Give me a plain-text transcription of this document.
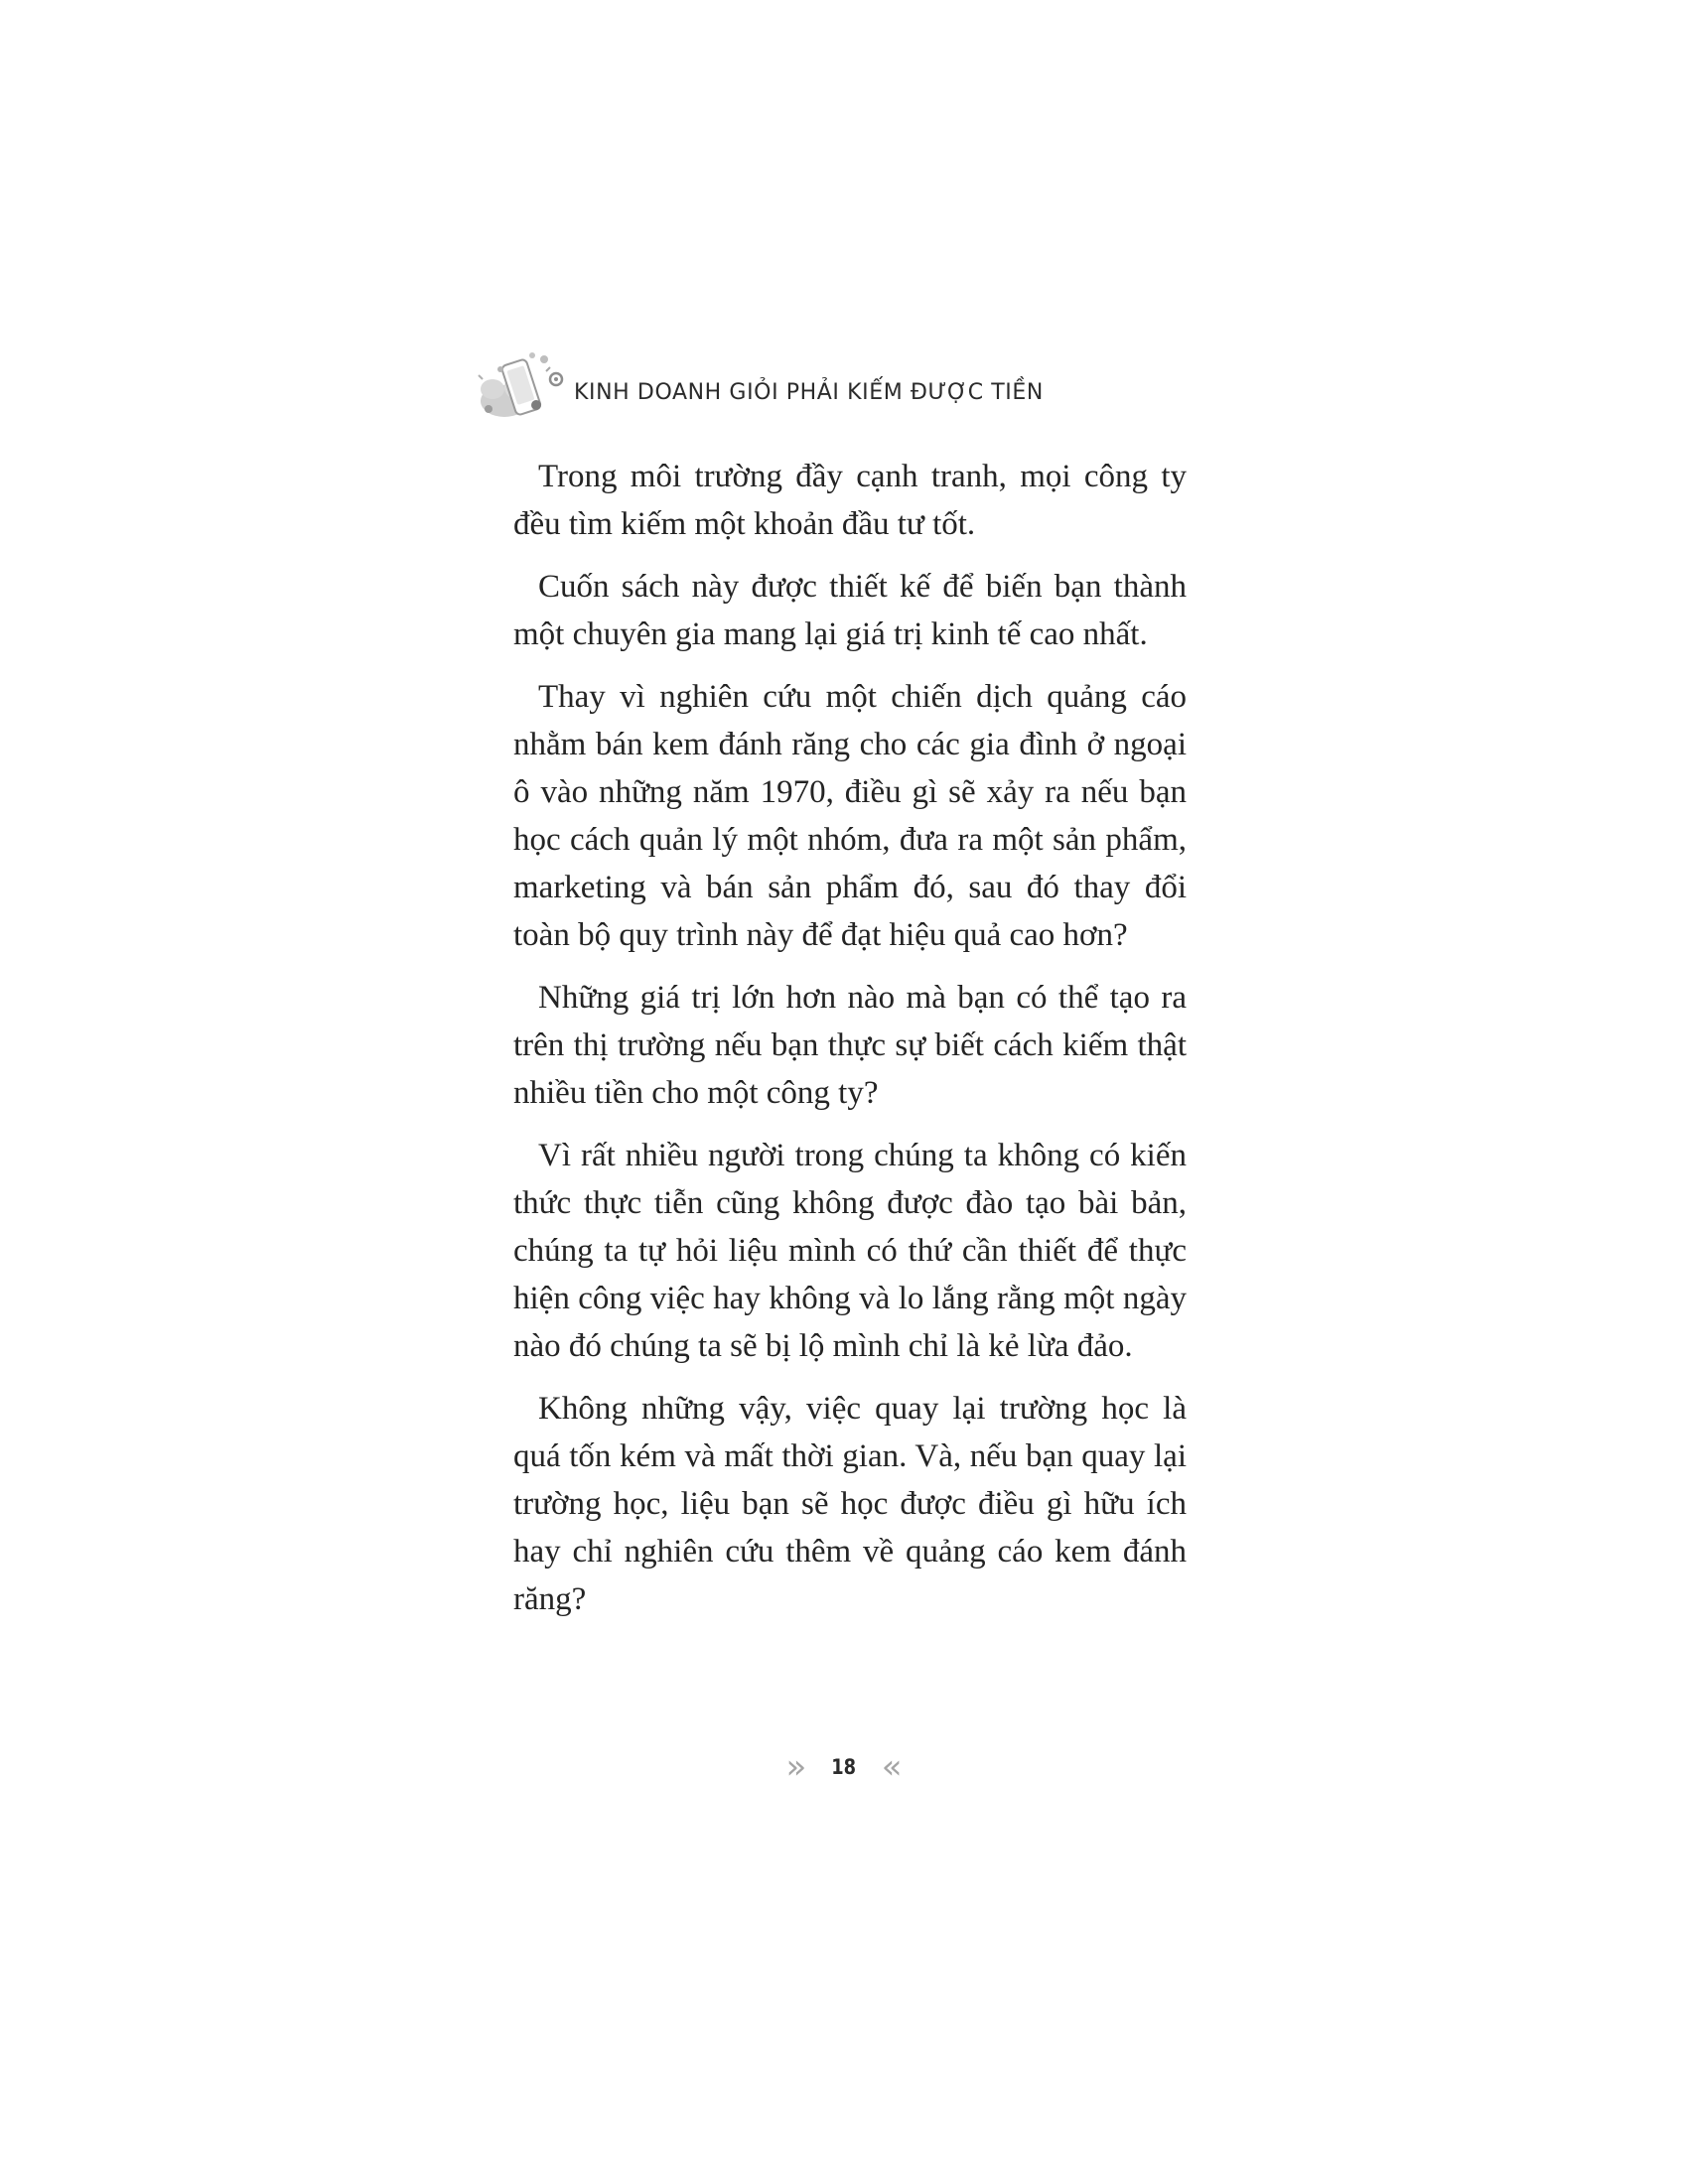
KINH DOANH GIỎI PHẢI KIẾM ĐƯỢC TIỀN

Trong môi trường đầy cạnh tranh, mọi công ty đều tìm kiếm một khoản đầu tư tốt.

Cuốn sách này được thiết kế để biến bạn thành một chuyên gia mang lại giá trị kinh tế cao nhất.

Thay vì nghiên cứu một chiến dịch quảng cáo nhằm bán kem đánh răng cho các gia đình ở ngoại ô vào những năm 1970, điều gì sẽ xảy ra nếu bạn học cách quản lý một nhóm, đưa ra một sản phẩm, marketing và bán sản phẩm đó, sau đó thay đổi toàn bộ quy trình này để đạt hiệu quả cao hơn?

Những giá trị lớn hơn nào mà bạn có thể tạo ra trên thị trường nếu bạn thực sự biết cách kiếm thật nhiều tiền cho một công ty?

Vì rất nhiều người trong chúng ta không có kiến thức thực tiễn cũng không được đào tạo bài bản, chúng ta tự hỏi liệu mình có thứ cần thiết để thực hiện công việc hay không và lo lắng rằng một ngày nào đó chúng ta sẽ bị lộ mình chỉ là kẻ lừa đảo.

Không những vậy, việc quay lại trường học là quá tốn kém và mất thời gian. Và, nếu bạn quay lại trường học, liệu bạn sẽ học được điều gì hữu ích hay chỉ nghiên cứu thêm về quảng cáo kem đánh răng?

» 18 «
